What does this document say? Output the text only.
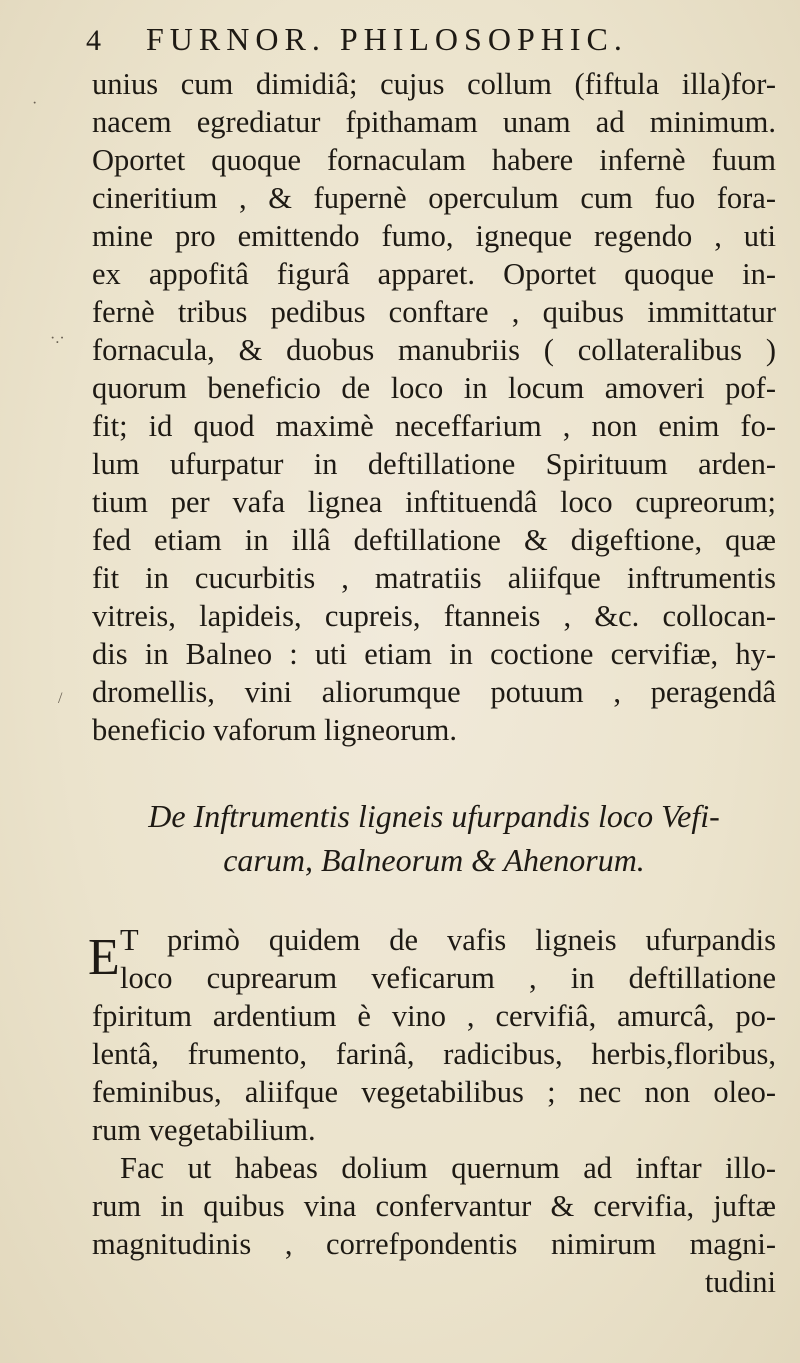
4 FURNOR. PHILOSOPHIC.
unius cum dimidiâ; cujus collum (fiftula illa)for-
nacem egrediatur fpithamam unam ad minimum.
Oportet quoque fornaculam habere infernè fuum
cineritium , & fupernè operculum cum fuo fora-
mine pro emittendo fumo, igneque regendo , uti
ex appofitâ figurâ apparet. Oportet quoque in-
fernè tribus pedibus conftare , quibus immittatur
fornacula, & duobus manubriis ( collateralibus )
quorum beneficio de loco in locum amoveri pof-
fit; id quod maximè neceffarium , non enim fo-
lum ufurpatur in deftillatione Spirituum arden-
tium per vafa lignea inftituendâ loco cupreorum;
fed etiam in illâ deftillatione & digeftione, quæ
fit in cucurbitis , matratiis aliifque inftrumentis
vitreis, lapideis, cupreis, ftanneis , &c. collocan-
dis in Balneo : uti etiam in coctione cervifiæ, hy-
dromellis, vini aliorumque potuum , peragendâ
beneficio vaforum ligneorum.
De Inftrumentis ligneis ufurpandis loco Vefi-
carum, Balneorum & Ahenorum.
E T primò quidem de vafis ligneis ufurpandis
loco cuprearum veficarum , in deftillatione
fpiritum ardentium è vino , cervifiâ, amurcâ, po-
lentâ, frumento, farinâ, radicibus, herbis,floribus,
feminibus, aliifque vegetabilibus ; nec non oleo-
rum vegetabilium.
Fac ut habeas dolium quernum ad inftar illo-
rum in quibus vina confervantur & cervifia, juftæ
magnitudinis , correfpondentis nimirum magni-
tudini
·
·.·
/
